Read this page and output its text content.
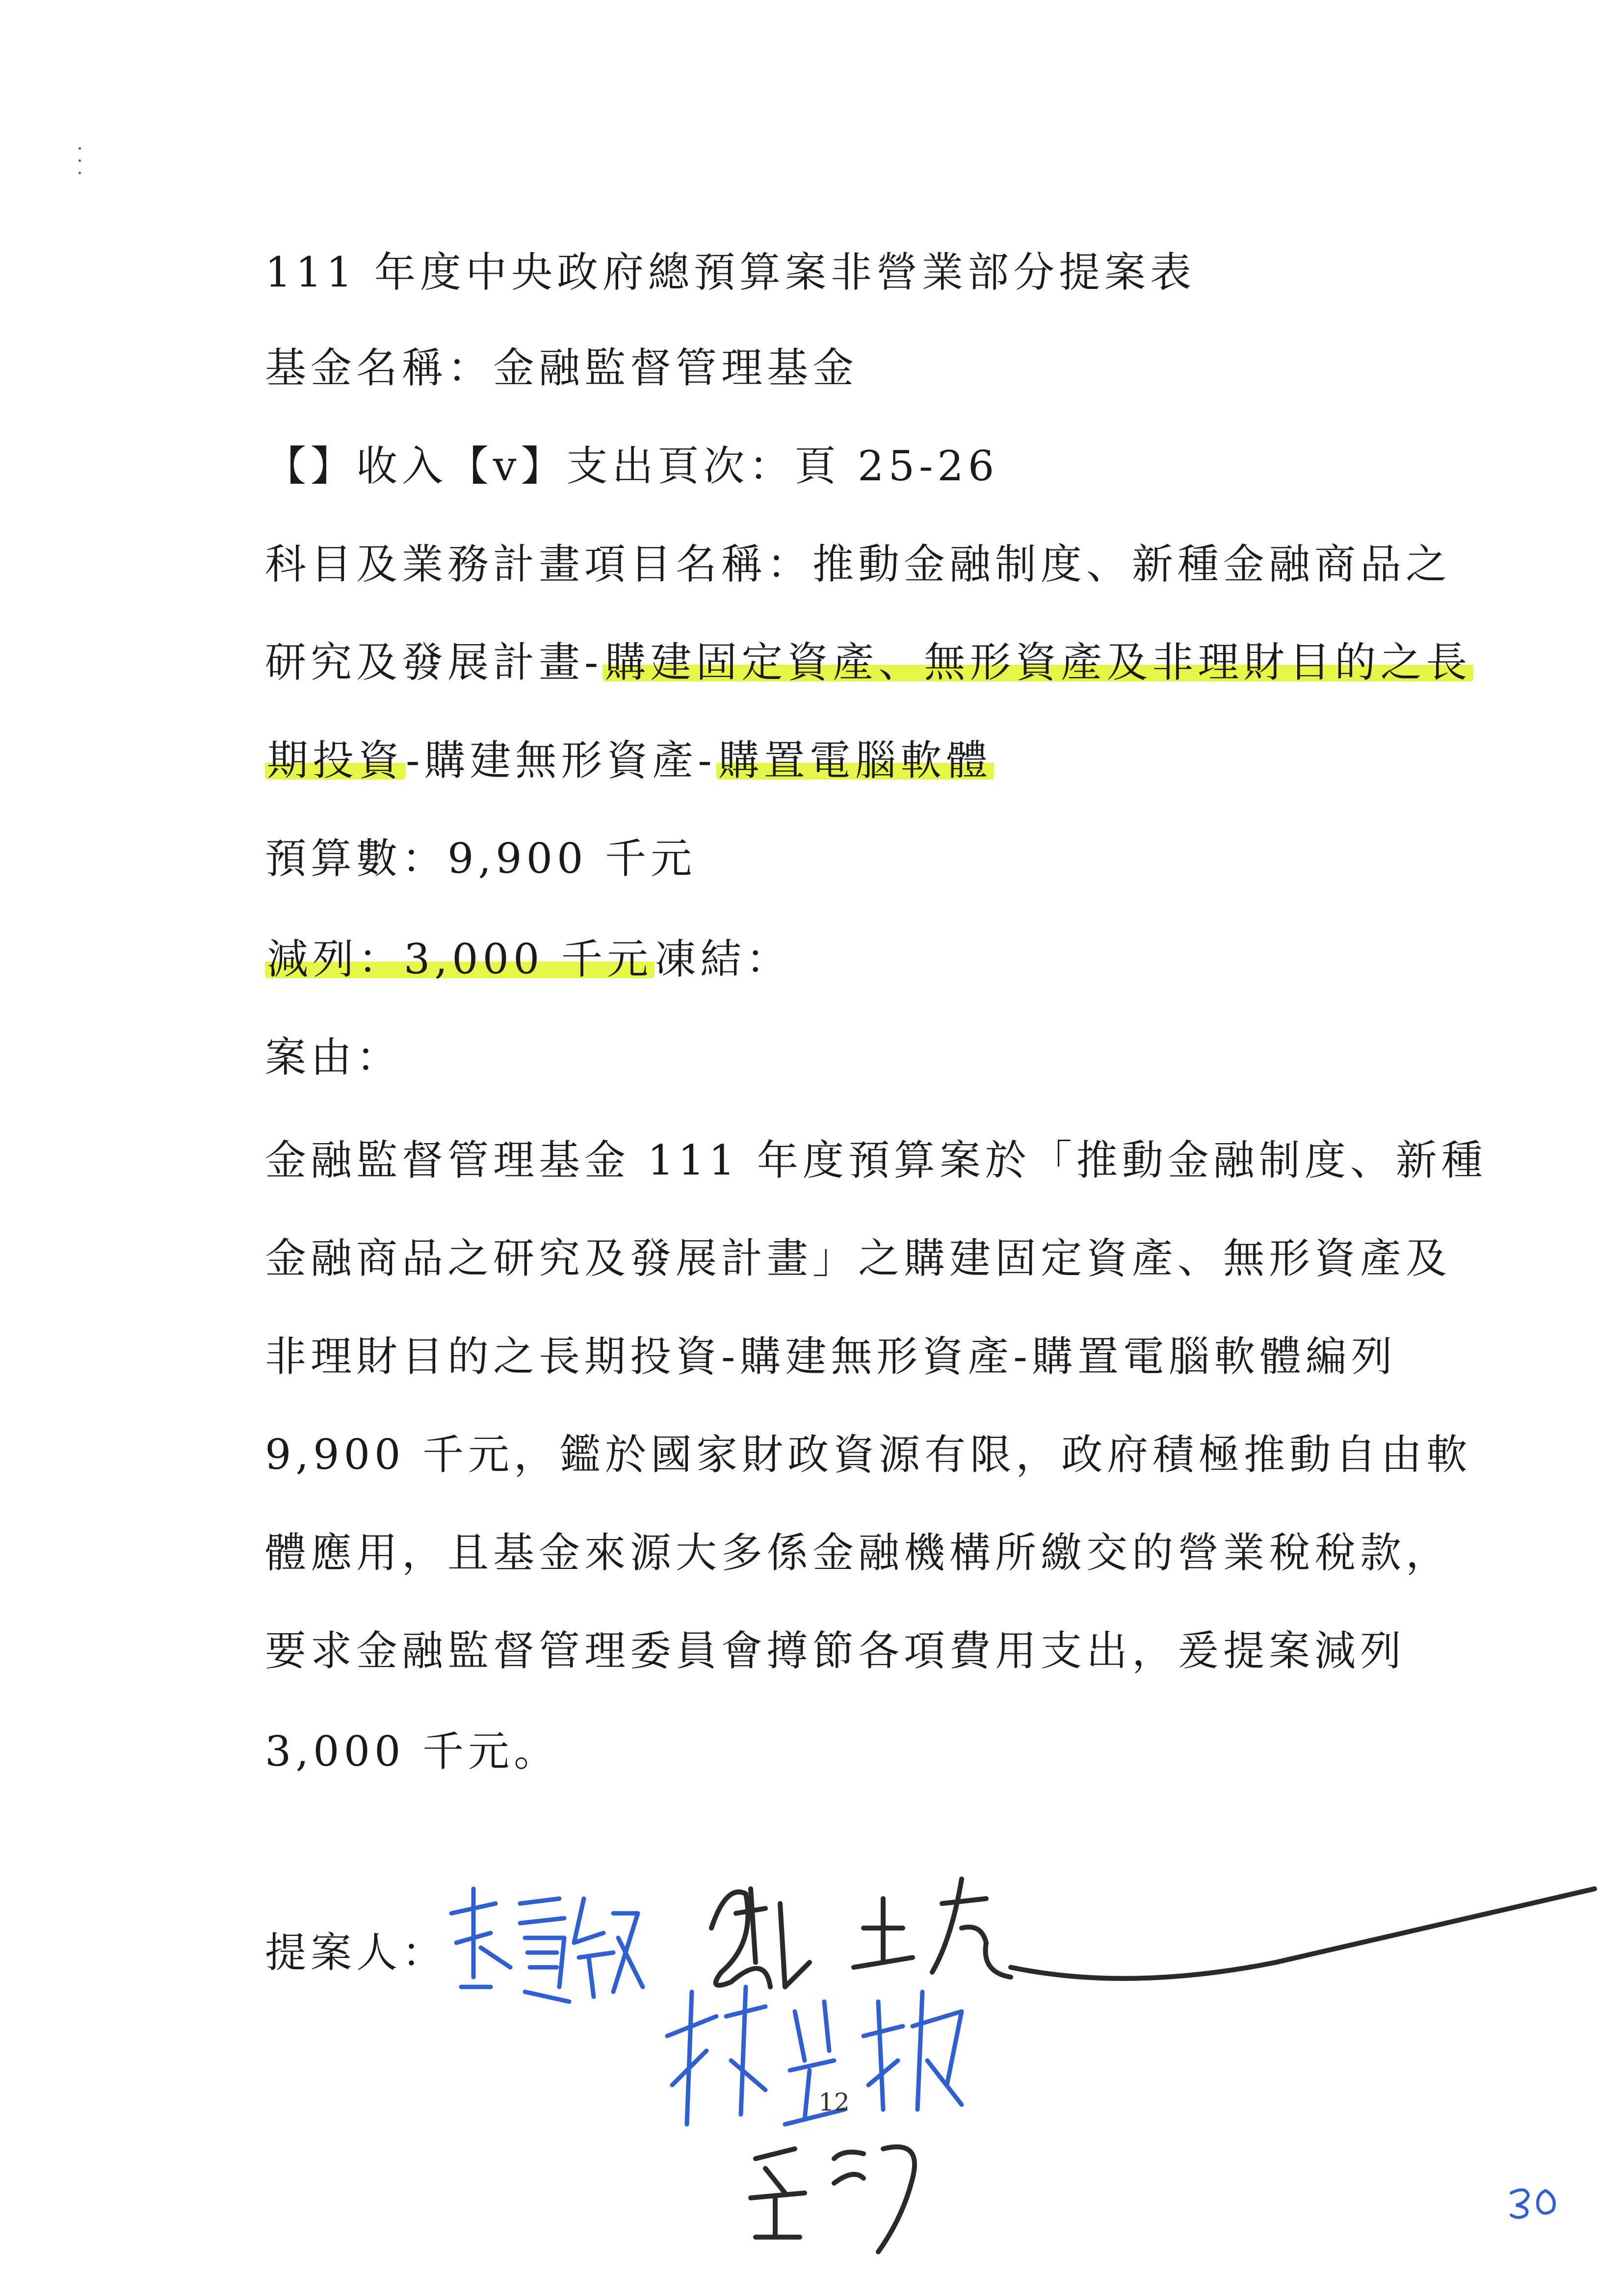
111 年度中央政府總預算案非營業部分提案表
基金名稱：金融監督管理基金
【】收入【v】支出頁次：頁 25-26
科目及業務計畫項目名稱：推動金融制度、新種金融商品之
研究及發展計畫-購建固定資產、無形資產及非理財目的之長
期投資-購建無形資產-購置電腦軟體
預算數：9,900 千元
減列：3,000 千元凍結：
案由：
金融監督管理基金 111 年度預算案於「推動金融制度、新種
金融商品之研究及發展計畫」之購建固定資產、無形資產及
非理財目的之長期投資-購建無形資產-購置電腦軟體編列
9,900 千元，鑑於國家財政資源有限，政府積極推動自由軟
體應用，且基金來源大多係金融機構所繳交的營業稅稅款，
要求金融監督管理委員會撙節各項費用支出，爰提案減列
3,000 千元。
提案人：
12
